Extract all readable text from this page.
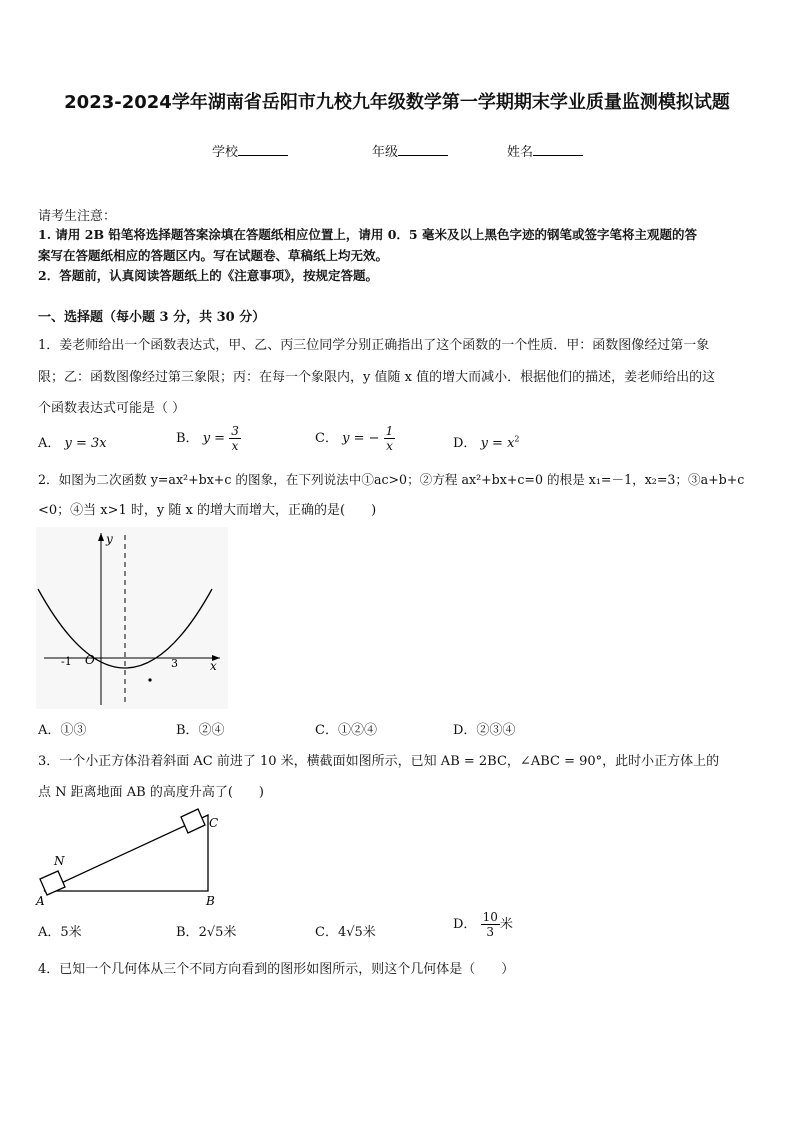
2023-2024学年湖南省岳阳市九校九年级数学第一学期期末学业质量监测模拟试题
学校	年级	姓名
请考生注意：
1. 请用 2B 铅笔将选择题答案涂填在答题纸相应位置上，请用 0．5 毫米及以上黑色字迹的钢笔或签字笔将主观题的答
案写在答题纸相应的答题区内。写在试题卷、草稿纸上均无效。
2．答题前，认真阅读答题纸上的《注意事项》，按规定答题。
一、选择题（每小题 3 分，共 30 分）
1．姜老师给出一个函数表达式，甲、乙、丙三位同学分别正确指出了这个函数的一个性质．甲：函数图像经过第一象
限；乙：函数图像经过第三象限；丙：在每一个象限内，y 值随 x 值的增大而减小．根据他们的描述，姜老师给出的这
个函数表达式可能是（ ）
A． y = 3x	B． $y = \frac{3}{x}$	C． y = − $\frac{1}{x}$	D． $y = x^2$
2．如图为二次函数 y=ax²+bx+c 的图象，在下列说法中①ac>0；②方程 ax²+bx+c=0 的根是 x₁=－1，x₂=3；③a+b+c
<0；④当 x>1 时，y 随 x 的增大而增大，正确的是(　　)
y
x
O
-1	3
A．①③	B．②④	C．①②④	D．②③④
3．一个小正方体沿着斜面 AC 前进了 10 米，横截面如图所示，已知 AB = 2BC，∠ABC = 90°，此时小正方体上的
点 N 距离地面 AB 的高度升高了(　　)
A	B
C
N
A．5米	B．2√5米	C．4√5米
D． $\frac{10}{3}$ 米
4．已知一个几何体从三个不同方向看到的图形如图所示，则这个几何体是（　　）
